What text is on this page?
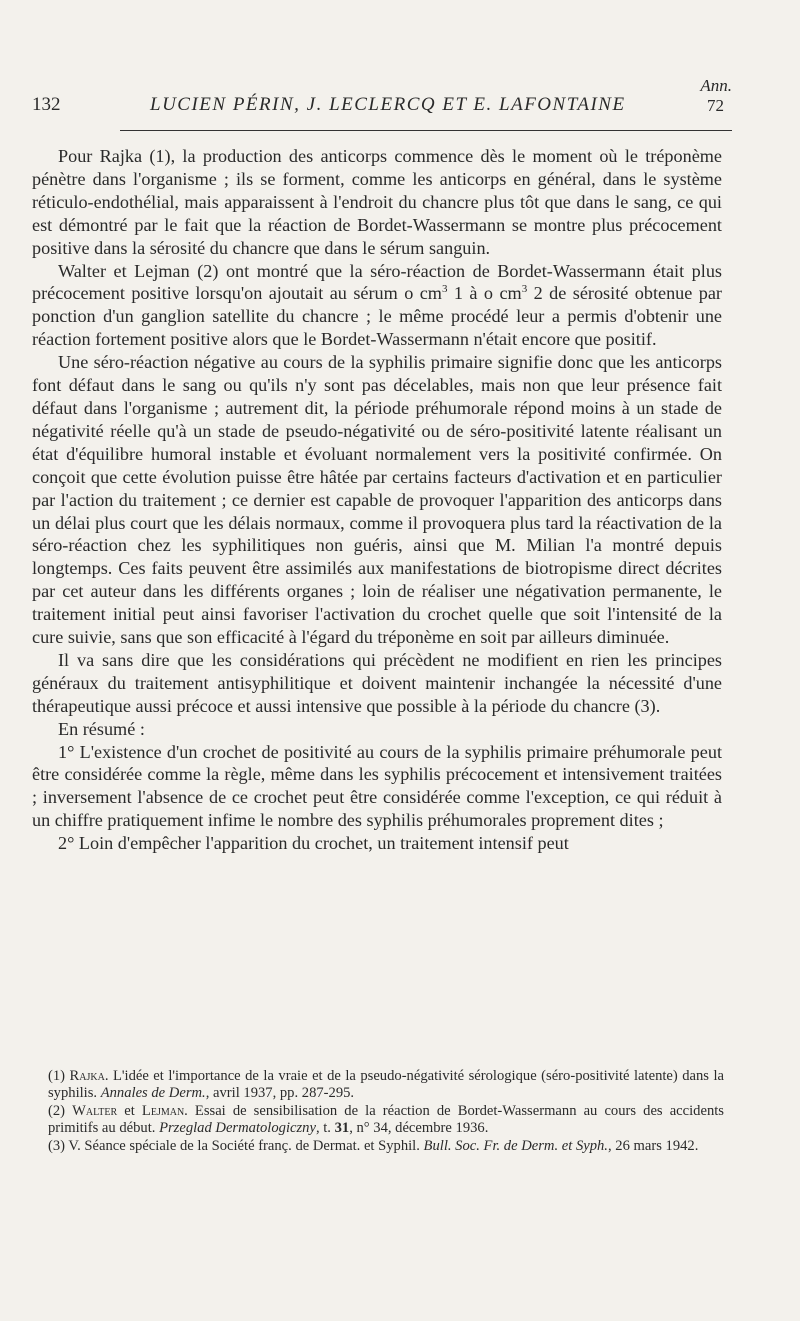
132	LUCIEN PÉRIN, J. LECLERCQ ET E. LAFONTAINE
Ann.
72

Pour Rajka (1), la production des anticorps commence dès le moment où le tréponème pénètre dans l'organisme ; ils se forment, comme les anticorps en général, dans le système réticulo-endothélial, mais apparaissent à l'endroit du chancre plus tôt que dans le sang, ce qui est démontré par le fait que la réaction de Bordet-Wassermann se montre plus précocement positive dans la sérosité du chancre que dans le sérum sanguin.

Walter et Lejman (2) ont montré que la séro-réaction de Bordet-Wassermann était plus précocement positive lorsqu'on ajoutait au sérum o $cm^3$ 1 à o $cm^3$ 2 de sérosité obtenue par ponction d'un ganglion satellite du chancre ; le même procédé leur a permis d'obtenir une réaction fortement positive alors que le Bordet-Wassermann n'était encore que positif.

Une séro-réaction négative au cours de la syphilis primaire signifie donc que les anticorps font défaut dans le sang ou qu'ils n'y sont pas décelables, mais non que leur présence fait défaut dans l'organisme ; autrement dit, la période préhumorale répond moins à un stade de négativité réelle qu'à un stade de pseudo-négativité ou de séro-positivité latente réalisant un état d'équilibre humoral instable et évoluant normalement vers la positivité confirmée. On conçoit que cette évolution puisse être hâtée par certains facteurs d'activation et en particulier par l'action du traitement ; ce dernier est capable de provoquer l'apparition des anticorps dans un délai plus court que les délais normaux, comme il provoquera plus tard la réactivation de la séro-réaction chez les syphilitiques non guéris, ainsi que M. Milian l'a montré depuis longtemps. Ces faits peuvent être assimilés aux manifestations de biotropisme direct décrites par cet auteur dans les différents organes ; loin de réaliser une négativation permanente, le traitement initial peut ainsi favoriser l'activation du crochet quelle que soit l'intensité de la cure suivie, sans que son efficacité à l'égard du tréponème en soit par ailleurs diminuée.

Il va sans dire que les considérations qui précèdent ne modifient en rien les principes généraux du traitement antisyphilitique et doivent maintenir inchangée la nécessité d'une thérapeutique aussi précoce et aussi intensive que possible à la période du chancre (3).

En résumé :

1° L'existence d'un crochet de positivité au cours de la syphilis primaire préhumorale peut être considérée comme la règle, même dans les syphilis précocement et intensivement traitées ; inversement l'absence de ce crochet peut être considérée comme l'exception, ce qui réduit à un chiffre pratiquement infime le nombre des syphilis préhumorales proprement dites ;

2° Loin d'empêcher l'apparition du crochet, un traitement intensif peut

(1) Rajka. L'idée et l'importance de la vraie et de la pseudo-négativité sérologique (séro-positivité latente) dans la syphilis. Annales de Derm., avril 1937, pp. 287-295.

(2) Walter et Lejman. Essai de sensibilisation de la réaction de Bordet-Wassermann au cours des accidents primitifs au début. Przeglad Dermatologiczny, t. 31, n° 34, décembre 1936.

(3) V. Séance spéciale de la Société franç. de Dermat. et Syphil. Bull. Soc. Fr. de Derm. et Syph., 26 mars 1942.
